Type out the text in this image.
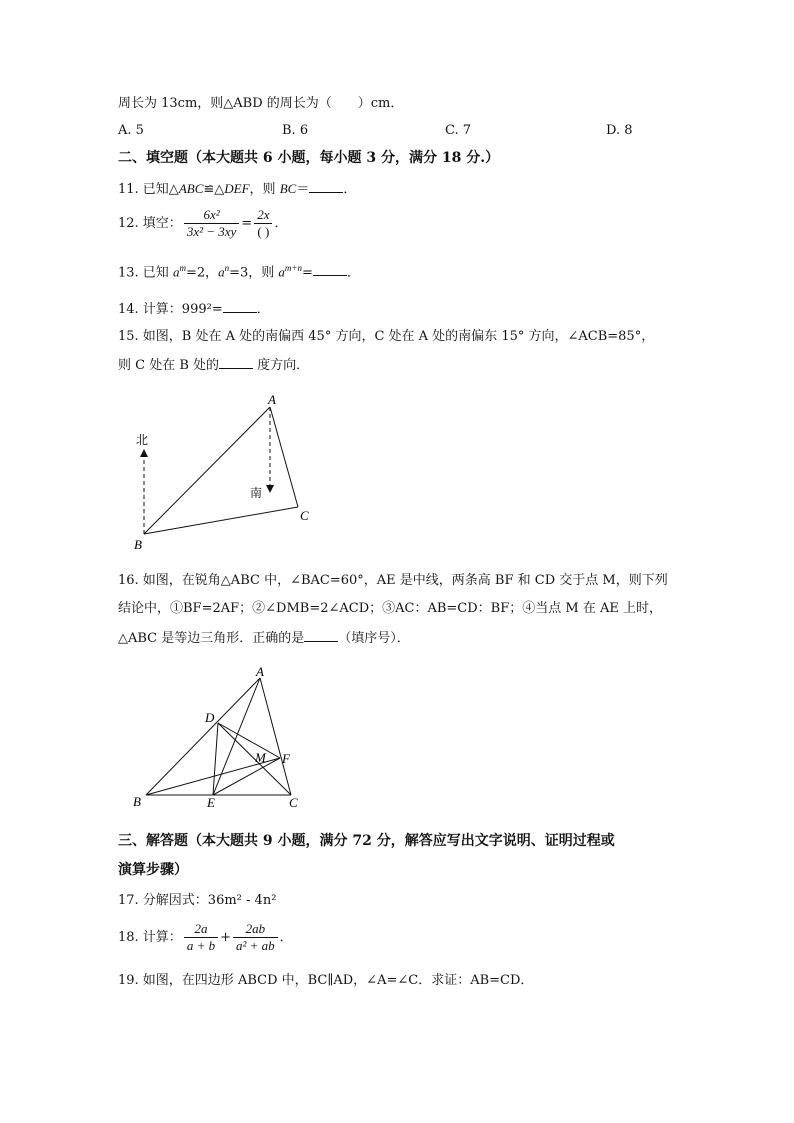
周长为 13cm，则△ABD 的周长为（　　）cm．
A. 5	B. 6	C. 7	D. 8
二、填空题（本大题共 6 小题，每小题 3 分，满分 18 分.）
11. 已知△ABC≌△DEF，则 BC＝	．
12. 填空： $\frac{\text{6x²}}{\text{3x² − 3xy}} = \frac{2x}{( )}$ ．
13. 已知 $a^m=2$，$a^n=3$，则 $a^{m+n}=$	．
14. 计算：999²=	．
15. 如图，B 处在 A 处的南偏西 45° 方向，C 处在 A 处的南偏东 15° 方向，∠ACB=85°，
则 C 处在 B 处的	度方向．
A
B
C
北
南
16. 如图，在锐角△ABC 中，∠BAC=60°，AE 是中线，两条高 BF 和 CD 交于点 M，则下列
结论中，①BF=2AF；②∠DMB=2∠ACD；③AC：AB=CD：BF；④当点 M 在 AE 上时，
△ABC 是等边三角形．正确的是	（填序号）．
A
B	C
D
E
F
M
三、解答题（本大题共 9 小题，满分 72 分，解答应写出文字说明、证明过程或
演算步骤）
17. 分解因式：36m² - 4n²
18. 计算： $\frac{2a}{a + b} + \frac{2ab}{\text{a² + ab}}$ ．
19. 如图，在四边形 ABCD 中，BC∥AD，∠A=∠C．求证：AB=CD．
